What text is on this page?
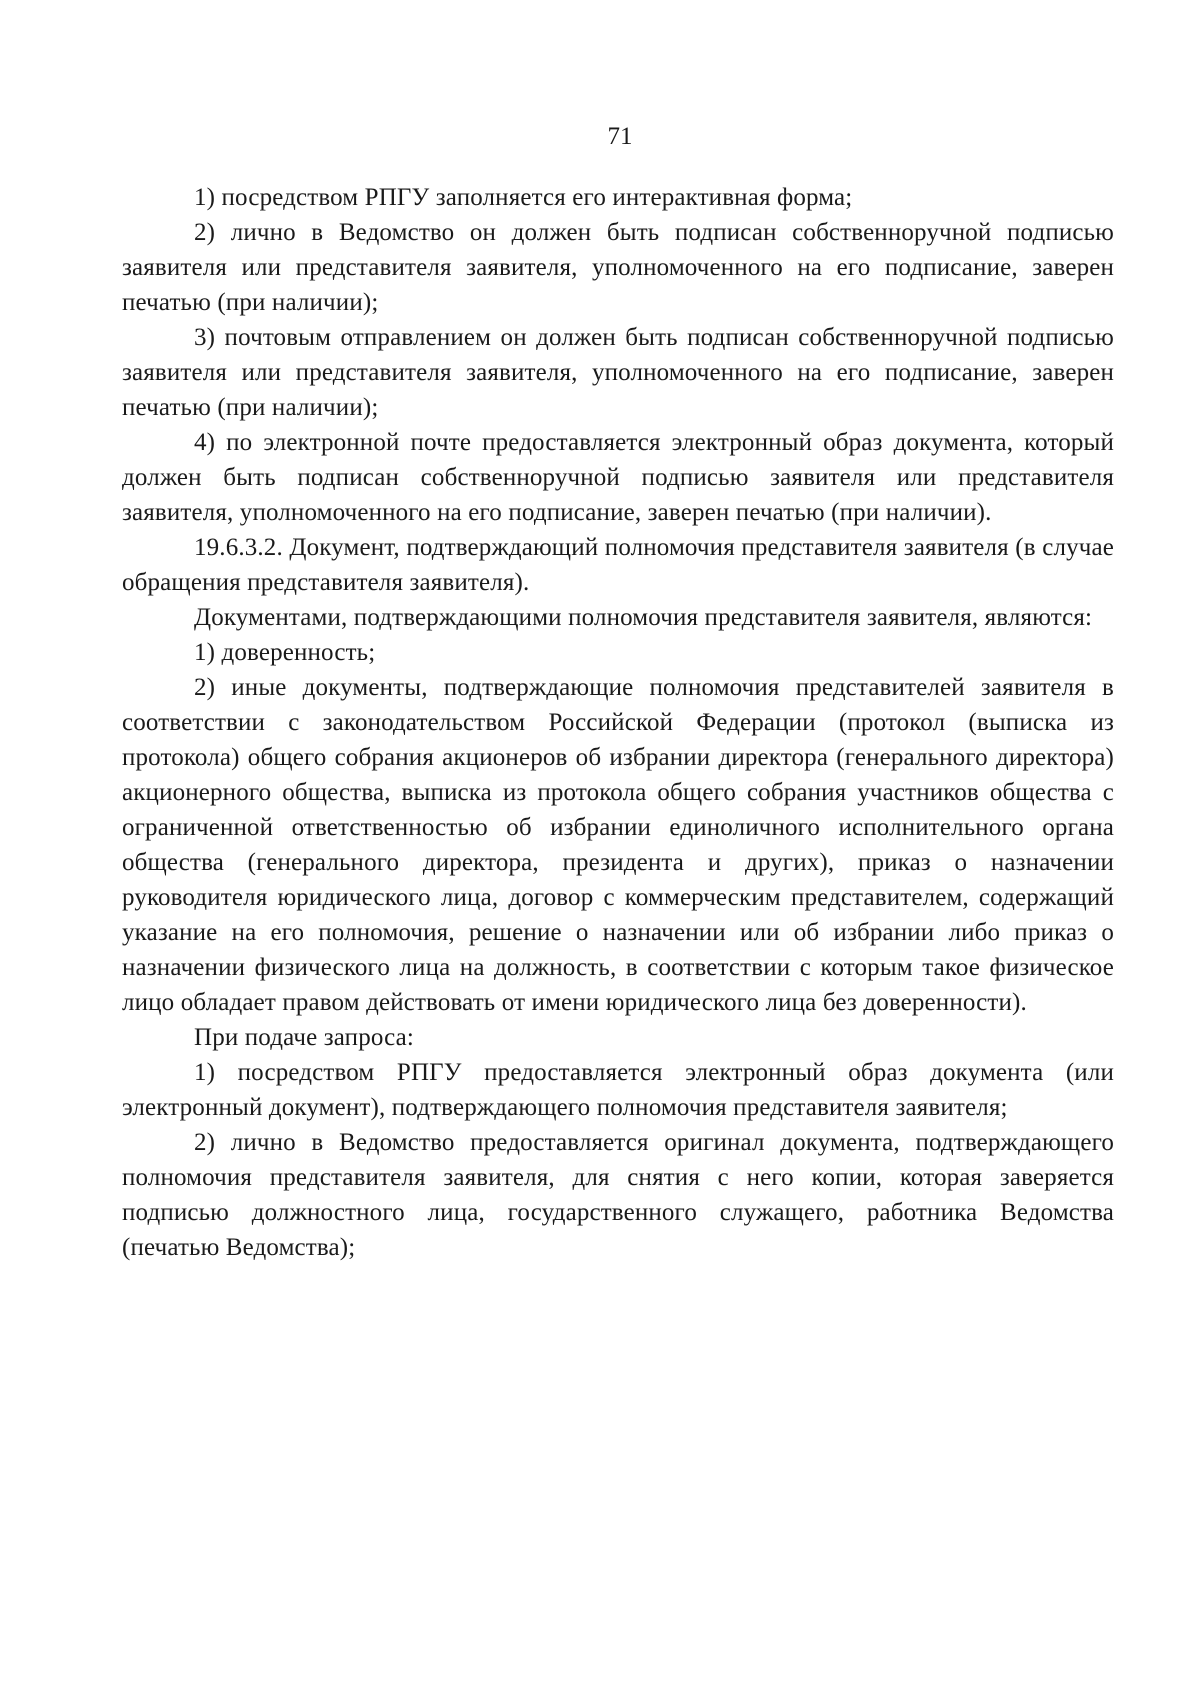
71

1) посредством РПГУ заполняется его интерактивная форма;

2) лично в Ведомство он должен быть подписан собственноручной подписью заявителя или представителя заявителя, уполномоченного на его подписание, заверен печатью (при наличии);

3) почтовым отправлением он должен быть подписан собственноручной подписью заявителя или представителя заявителя, уполномоченного на его подписание, заверен печатью (при наличии);

4) по электронной почте предоставляется электронный образ документа, который должен быть подписан собственноручной подписью заявителя или представителя заявителя, уполномоченного на его подписание, заверен печатью (при наличии).

19.6.3.2. Документ, подтверждающий полномочия представителя заявителя (в случае обращения представителя заявителя).

Документами, подтверждающими полномочия представителя заявителя, являются:

1) доверенность;

2) иные документы, подтверждающие полномочия представителей заявителя в соответствии с законодательством Российской Федерации (протокол (выписка из протокола) общего собрания акционеров об избрании директора (генерального директора) акционерного общества, выписка из протокола общего собрания участников общества с ограниченной ответственностью об избрании единоличного исполнительного органа общества (генерального директора, президента и других), приказ о назначении руководителя юридического лица, договор с коммерческим представителем, содержащий указание на его полномочия, решение о назначении или об избрании либо приказ о назначении физического лица на должность, в соответствии с которым такое физическое лицо обладает правом действовать от имени юридического лица без доверенности).

При подаче запроса:

1) посредством РПГУ предоставляется электронный образ документа (или электронный документ), подтверждающего полномочия представителя заявителя;

2) лично в Ведомство предоставляется оригинал документа, подтверждающего полномочия представителя заявителя, для снятия с него копии, которая заверяется подписью должностного лица, государственного служащего, работника Ведомства (печатью Ведомства);
